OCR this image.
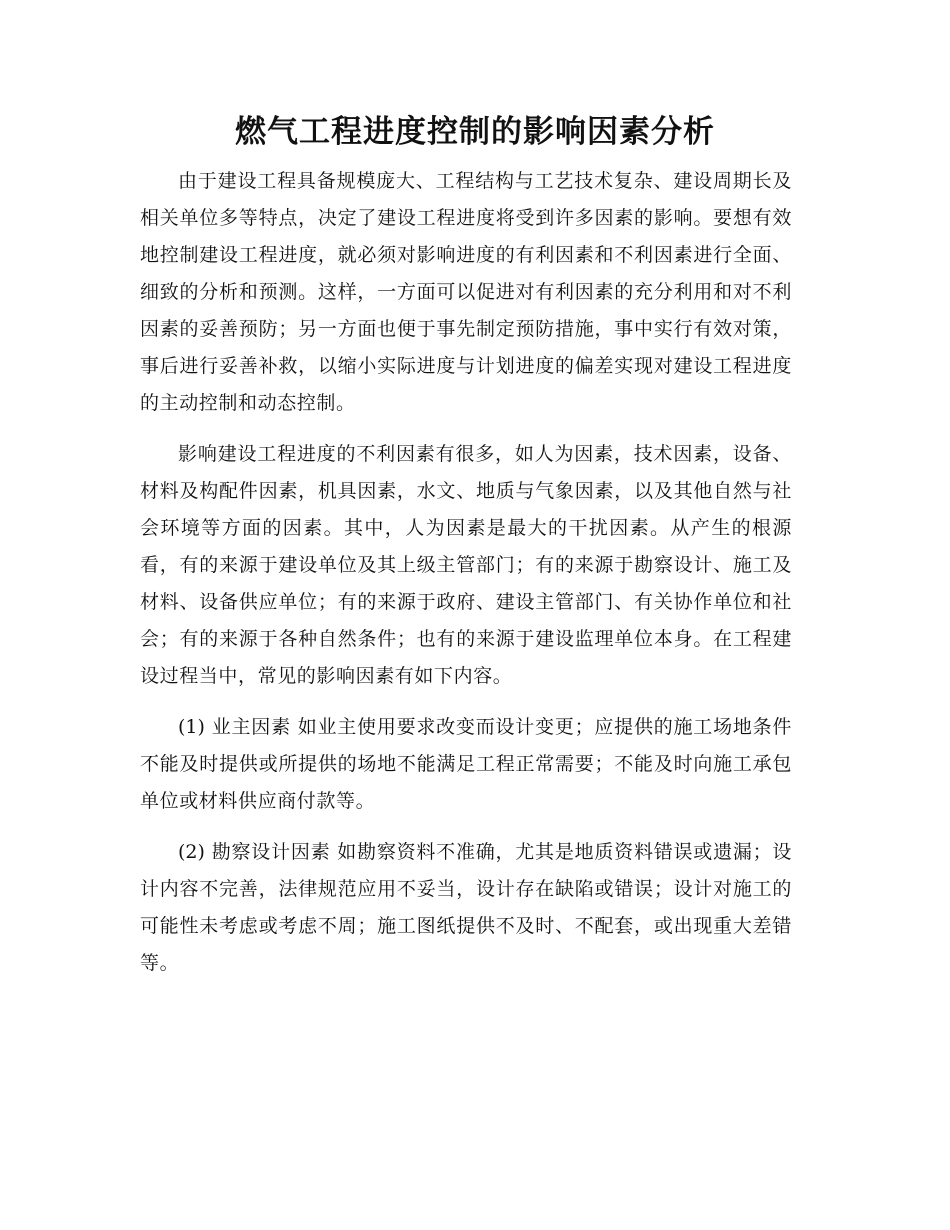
燃气工程进度控制的影响因素分析

由于建设工程具备规模庞大、工程结构与工艺技术复杂、建设周期长及相关单位多等特点，决定了建设工程进度将受到许多因素的影响。要想有效地控制建设工程进度，就必须对影响进度的有利因素和不利因素进行全面、细致的分析和预测。这样，一方面可以促进对有利因素的充分利用和对不利因素的妥善预防；另一方面也便于事先制定预防措施，事中实行有效对策，事后进行妥善补救，以缩小实际进度与计划进度的偏差实现对建设工程进度的主动控制和动态控制。

影响建设工程进度的不利因素有很多，如人为因素，技术因素，设备、材料及构配件因素，机具因素，水文、地质与气象因素，以及其他自然与社会环境等方面的因素。其中，人为因素是最大的干扰因素。从产生的根源看，有的来源于建设单位及其上级主管部门；有的来源于勘察设计、施工及材料、设备供应单位；有的来源于政府、建设主管部门、有关协作单位和社会；有的来源于各种自然条件；也有的来源于建设监理单位本身。在工程建设过程当中，常见的影响因素有如下内容。

(1) 业主因素 如业主使用要求改变而设计变更；应提供的施工场地条件不能及时提供或所提供的场地不能满足工程正常需要；不能及时向施工承包单位或材料供应商付款等。

(2) 勘察设计因素 如勘察资料不准确，尤其是地质资料错误或遗漏；设计内容不完善，法律规范应用不妥当，设计存在缺陷或错误；设计对施工的可能性未考虑或考虑不周；施工图纸提供不及时、不配套，或出现重大差错等。
